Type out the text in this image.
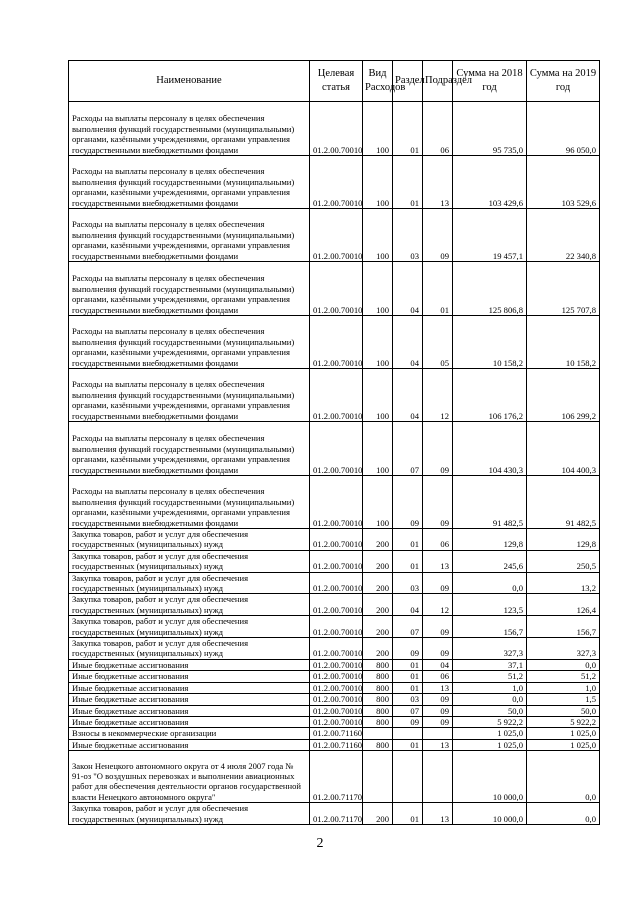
Наименование	Целевая статья	Вид Расходов	Раздел	Подраздел	Сумма на 2018 год	Сумма на 2019 год
Расходы на выплаты персоналу в целях обеспечения выполнения функций государственными (муниципальными) органами, казёнными учреждениями, органами управления государственными внебюджетными фондами	01.2.00.70010	100	01	06	95 735,0	96 050,0
Расходы на выплаты персоналу в целях обеспечения выполнения функций государственными (муниципальными) органами, казёнными учреждениями, органами управления государственными внебюджетными фондами	01.2.00.70010	100	01	13	103 429,6	103 529,6
Расходы на выплаты персоналу в целях обеспечения выполнения функций государственными (муниципальными) органами, казёнными учреждениями, органами управления государственными внебюджетными фондами	01.2.00.70010	100	03	09	19 457,1	22 340,8
Расходы на выплаты персоналу в целях обеспечения выполнения функций государственными (муниципальными) органами, казёнными учреждениями, органами управления государственными внебюджетными фондами	01.2.00.70010	100	04	01	125 806,8	125 707,8
Расходы на выплаты персоналу в целях обеспечения выполнения функций государственными (муниципальными) органами, казёнными учреждениями, органами управления государственными внебюджетными фондами	01.2.00.70010	100	04	05	10 158,2	10 158,2
Расходы на выплаты персоналу в целях обеспечения выполнения функций государственными (муниципальными) органами, казёнными учреждениями, органами управления государственными внебюджетными фондами	01.2.00.70010	100	04	12	106 176,2	106 299,2
Расходы на выплаты персоналу в целях обеспечения выполнения функций государственными (муниципальными) органами, казёнными учреждениями, органами управления государственными внебюджетными фондами	01.2.00.70010	100	07	09	104 430,3	104 400,3
Расходы на выплаты персоналу в целях обеспечения выполнения функций государственными (муниципальными) органами, казёнными учреждениями, органами управления государственными внебюджетными фондами	01.2.00.70010	100	09	09	91 482,5	91 482,5
Закупка товаров, работ и услуг для обеспечения государственных (муниципальных) нужд	01.2.00.70010	200	01	06	129,8	129,8
Закупка товаров, работ и услуг для обеспечения государственных (муниципальных) нужд	01.2.00.70010	200	01	13	245,6	250,5
Закупка товаров, работ и услуг для обеспечения государственных (муниципальных) нужд	01.2.00.70010	200	03	09	0,0	13,2
Закупка товаров, работ и услуг для обеспечения государственных (муниципальных) нужд	01.2.00.70010	200	04	12	123,5	126,4
Закупка товаров, работ и услуг для обеспечения государственных (муниципальных) нужд	01.2.00.70010	200	07	09	156,7	156,7
Закупка товаров, работ и услуг для обеспечения государственных (муниципальных) нужд	01.2.00.70010	200	09	09	327,3	327,3
Иные бюджетные ассигнования	01.2.00.70010	800	01	04	37,1	0,0
Иные бюджетные ассигнования	01.2.00.70010	800	01	06	51,2	51,2
Иные бюджетные ассигнования	01.2.00.70010	800	01	13	1,0	1,0
Иные бюджетные ассигнования	01.2.00.70010	800	03	09	0,0	1,5
Иные бюджетные ассигнования	01.2.00.70010	800	07	09	50,0	50,0
Иные бюджетные ассигнования	01.2.00.70010	800	09	09	5 922,2	5 922,2
Взносы в некоммерческие организации	01.2.00.71160				1 025,0	1 025,0
Иные бюджетные ассигнования	01.2.00.71160	800	01	13	1 025,0	1 025,0
Закон Ненецкого автономного округа от 4 июля 2007 года № 91-оз "О воздушных перевозках и выполнении авиационных работ для обеспечения деятельности органов государственной власти Ненецкого автономного округа"	01.2.00.71170				10 000,0	0,0
Закупка товаров, работ и услуг для обеспечения государственных (муниципальных) нужд	01.2.00.71170	200	01	13	10 000,0	0,0
2
